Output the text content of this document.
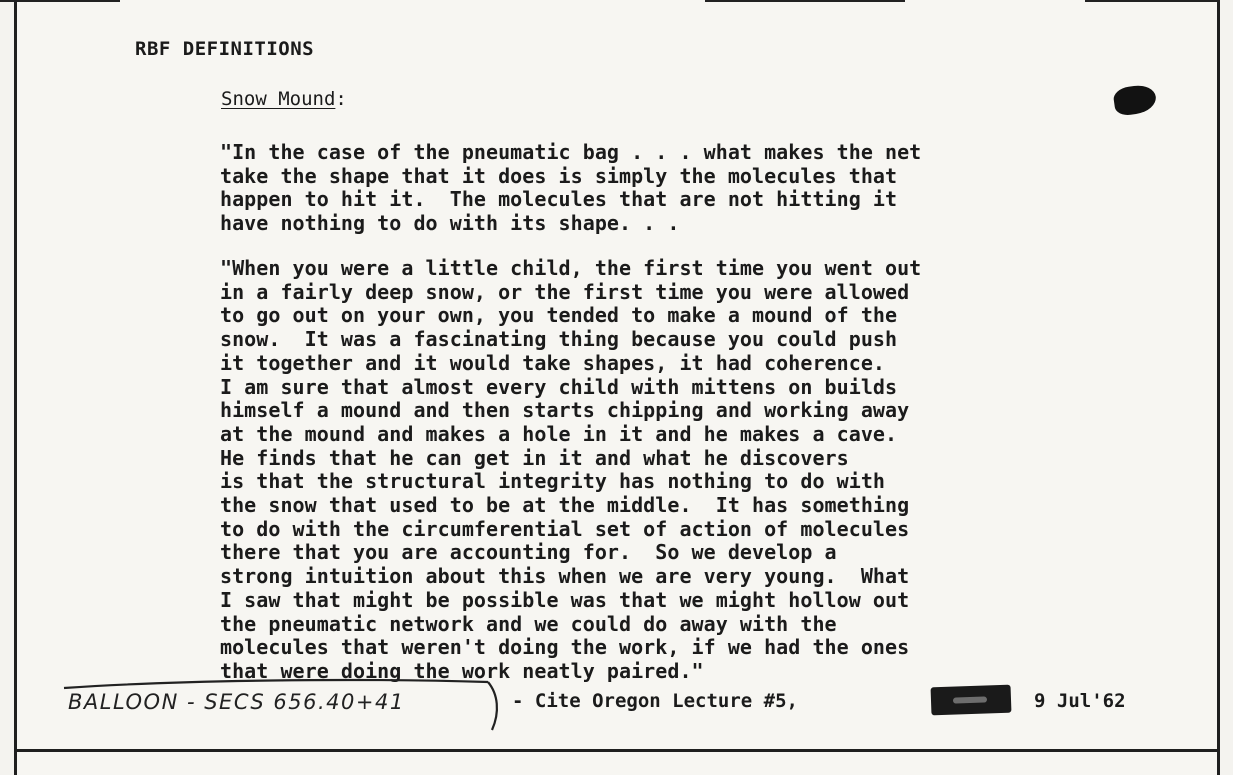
RBF DEFINITIONS
Snow Mound:

"In the case of the pneumatic bag . . . what makes the net
take the shape that it does is simply the molecules that
happen to hit it.  The molecules that are not hitting it
have nothing to do with its shape. . .

"When you were a little child, the first time you went out
in a fairly deep snow, or the first time you were allowed
to go out on your own, you tended to make a mound of the
snow.  It was a fascinating thing because you could push
it together and it would take shapes, it had coherence.
I am sure that almost every child with mittens on builds
himself a mound and then starts chipping and working away
at the mound and makes a hole in it and he makes a cave.
He finds that he can get in it and what he discovers
is that the structural integrity has nothing to do with
the snow that used to be at the middle.  It has something
to do with the circumferential set of action of molecules
there that you are accounting for.  So we develop a
strong intuition about this when we are very young.  What
I saw that might be possible was that we might hollow out
the pneumatic network and we could do away with the
molecules that weren't doing the work, if we had the ones
that were doing the work neatly paired."

BALLOON - SECS 656.40+41	- Cite Oregon Lecture #5,	9 Jul'62
